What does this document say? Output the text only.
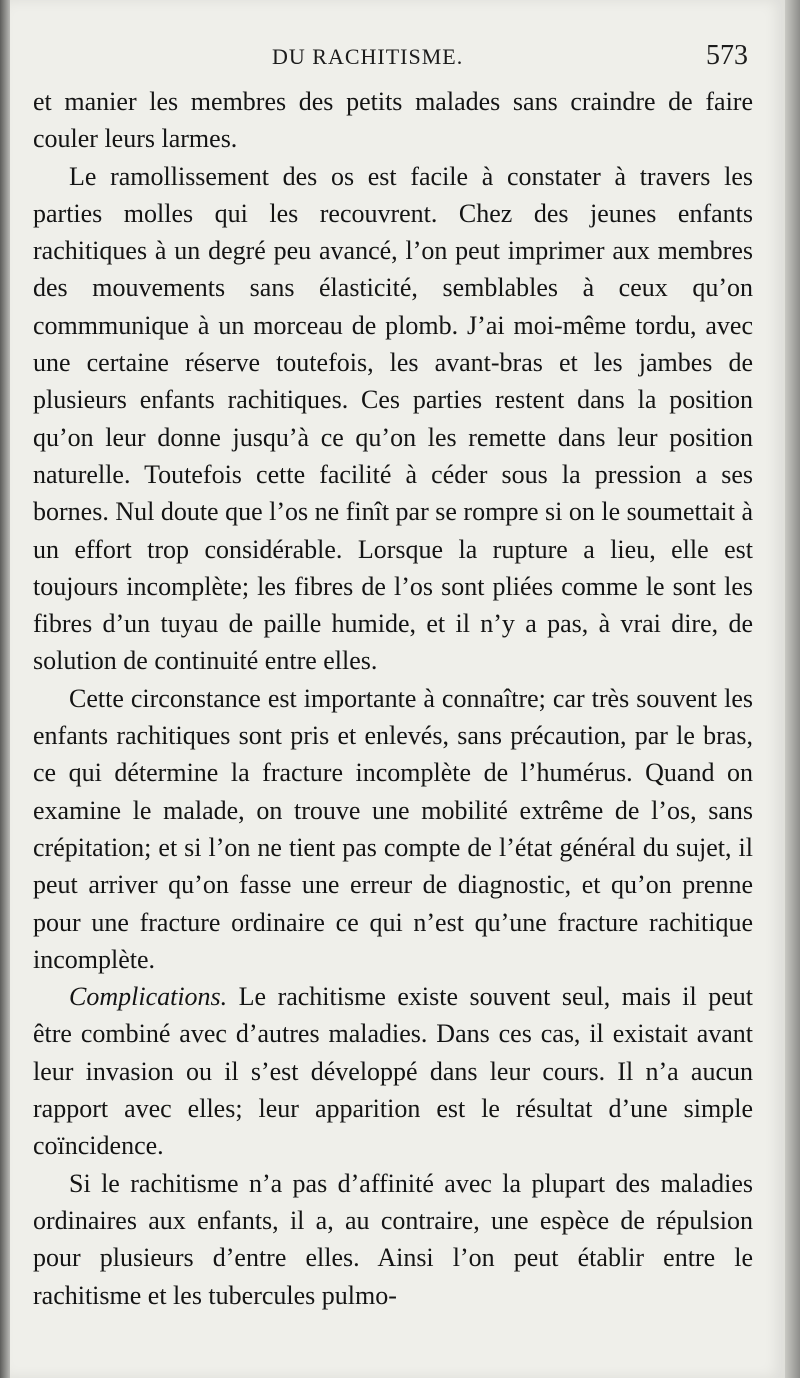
DU RACHITISME.	573

et manier les membres des petits malades sans craindre de faire couler leurs larmes.

Le ramollissement des os est facile à constater à travers les parties molles qui les recouvrent. Chez des jeunes enfants rachitiques à un degré peu avancé, l’on peut imprimer aux membres des mouvements sans élasticité, semblables à ceux qu’on commmunique à un morceau de plomb. J’ai moi-même tordu, avec une certaine réserve toutefois, les avant-bras et les jambes de plusieurs enfants rachitiques. Ces parties restent dans la position qu’on leur donne jusqu’à ce qu’on les remette dans leur position naturelle. Toutefois cette facilité à céder sous la pression a ses bornes. Nul doute que l’os ne finît par se rompre si on le soumettait à un effort trop considérable. Lorsque la rupture a lieu, elle est toujours incomplète; les fibres de l’os sont pliées comme le sont les fibres d’un tuyau de paille humide, et il n’y a pas, à vrai dire, de solution de continuité entre elles.

Cette circonstance est importante à connaître; car très souvent les enfants rachitiques sont pris et enlevés, sans précaution, par le bras, ce qui détermine la fracture incomplète de l’humérus. Quand on examine le malade, on trouve une mobilité extrême de l’os, sans crépitation; et si l’on ne tient pas compte de l’état général du sujet, il peut arriver qu’on fasse une erreur de diagnostic, et qu’on prenne pour une fracture ordinaire ce qui n’est qu’une fracture rachitique incomplète.

Complications. Le rachitisme existe souvent seul, mais il peut être combiné avec d’autres maladies. Dans ces cas, il existait avant leur invasion ou il s’est développé dans leur cours. Il n’a aucun rapport avec elles; leur apparition est le résultat d’une simple coïncidence.

Si le rachitisme n’a pas d’affinité avec la plupart des maladies ordinaires aux enfants, il a, au contraire, une espèce de répulsion pour plusieurs d’entre elles. Ainsi l’on peut établir entre le rachitisme et les tubercules pulmo-
